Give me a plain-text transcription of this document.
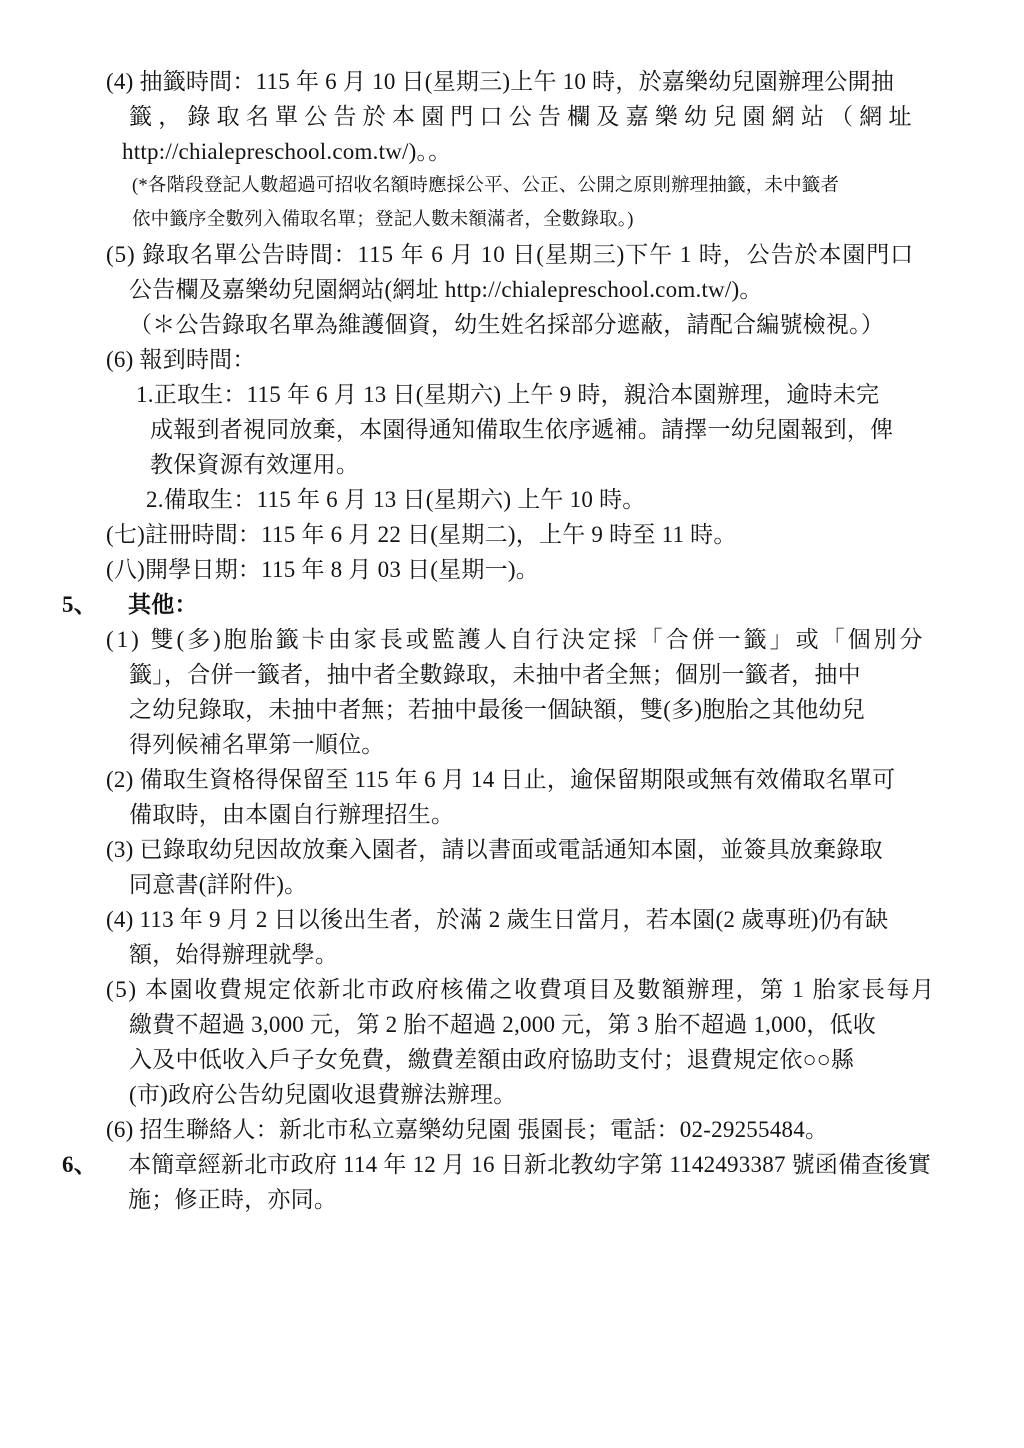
(4) 抽籤時間：115 年 6 月 10 日(星期三)上午 10 時，於嘉樂幼兒園辦理公開抽
籤，錄取名單公告於本園門口公告欄及嘉樂幼兒園網站（網址
http://chialepreschool.com.tw/)。。
(*各階段登記人數超過可招收名額時應採公平、公正、公開之原則辦理抽籤，未中籤者
依中籤序全數列入備取名單；登記人數未額滿者，全數錄取。)
(5) 錄取名單公告時間：115 年 6 月 10 日(星期三)下午 1 時，公告於本園門口
公告欄及嘉樂幼兒園網站(網址 http://chialepreschool.com.tw/)。
（＊公告錄取名單為維護個資，幼生姓名採部分遮蔽，請配合編號檢視。）
(6) 報到時間：
1.正取生：115 年 6 月 13 日(星期六) 上午 9 時，親洽本園辦理，逾時未完
成報到者視同放棄，本園得通知備取生依序遞補。請擇一幼兒園報到，俾
教保資源有效運用。
2.備取生：115 年 6 月 13 日(星期六) 上午 10 時。
(七)註冊時間：115 年 6 月 22 日(星期二)，上午 9 時至 11 時。
(八)開學日期：115 年 8 月 03 日(星期一)。
5、 其他：
(1) 雙(多)胞胎籤卡由家長或監護人自行決定採「合併一籤」或「個別分
籤」，合併一籤者，抽中者全數錄取，未抽中者全無；個別一籤者，抽中
之幼兒錄取，未抽中者無；若抽中最後一個缺額，雙(多)胞胎之其他幼兒
得列候補名單第一順位。
(2) 備取生資格得保留至 115 年 6 月 14 日止，逾保留期限或無有效備取名單可
備取時，由本園自行辦理招生。
(3) 已錄取幼兒因故放棄入園者，請以書面或電話通知本園，並簽具放棄錄取
同意書(詳附件)。
(4) 113 年 9 月 2 日以後出生者，於滿 2 歲生日當月，若本園(2 歲專班)仍有缺
額，始得辦理就學。
(5) 本園收費規定依新北市政府核備之收費項目及數額辦理，第 1 胎家長每月
繳費不超過 3,000 元，第 2 胎不超過 2,000 元，第 3 胎不超過 1,000，低收
入及中低收入戶子女免費，繳費差額由政府協助支付；退費規定依○○縣
(市)政府公告幼兒園收退費辦法辦理。
(6) 招生聯絡人：新北市私立嘉樂幼兒園 張園長；電話：02-29255484。
6、 本簡章經新北市政府 114 年 12 月 16 日新北教幼字第 1142493387 號函備查後實
施；修正時，亦同。
